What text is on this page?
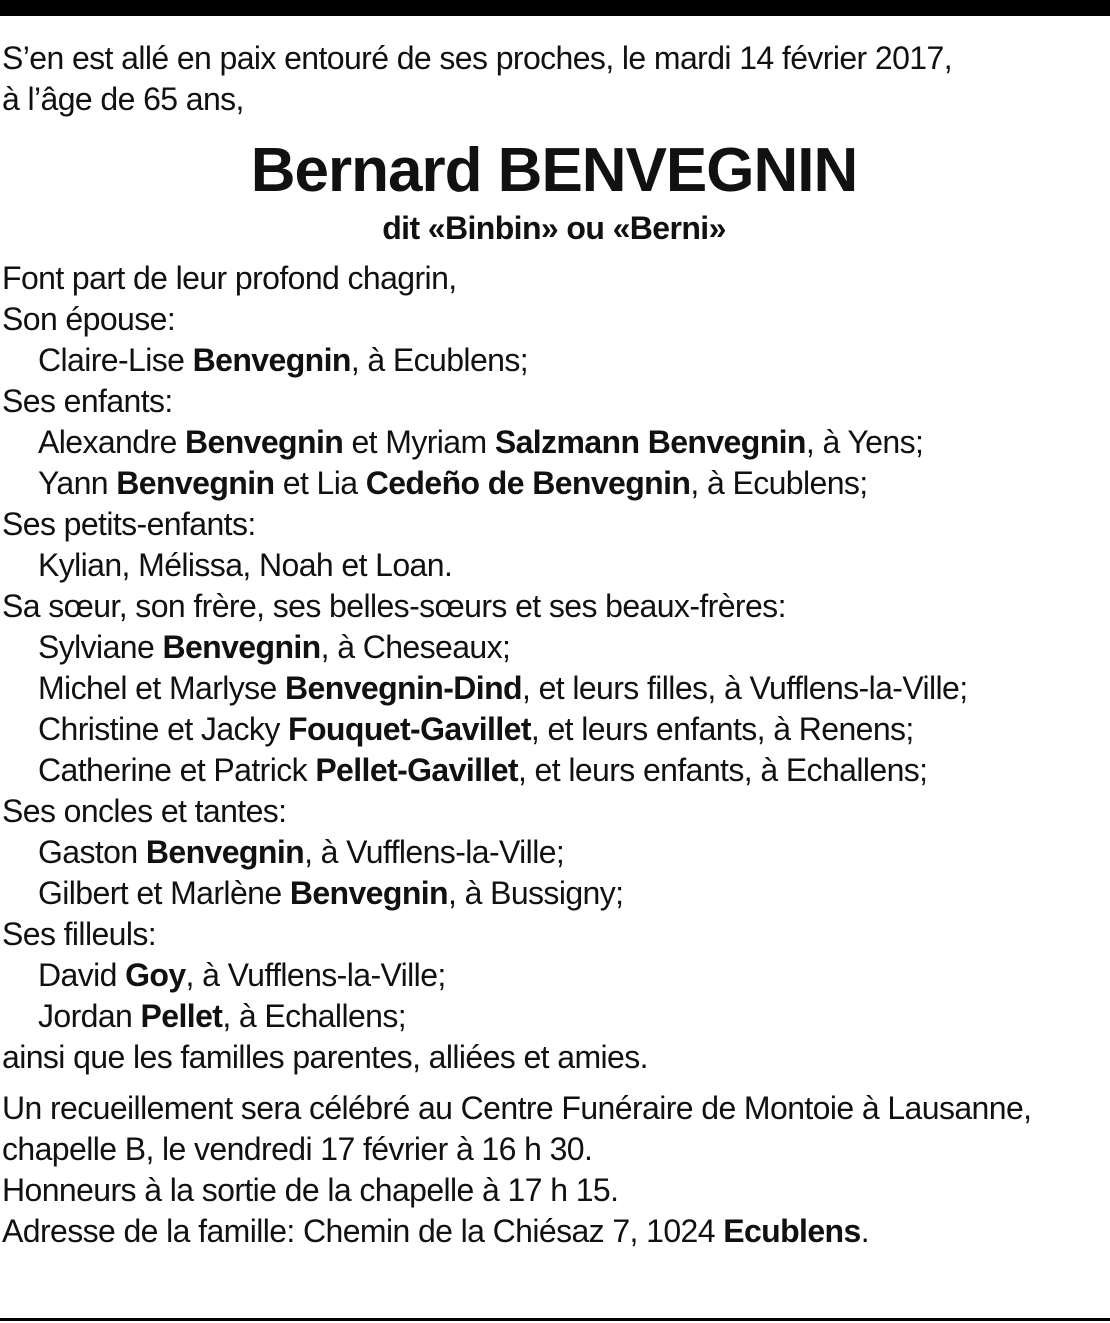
S’en est allé en paix entouré de ses proches, le mardi 14 février 2017,
à l’âge de 65 ans,
Bernard BENVEGNIN
dit «Binbin» ou «Berni»
Font part de leur profond chagrin,
Son épouse:
Claire-Lise Benvegnin, à Ecublens;
Ses enfants:
Alexandre Benvegnin et Myriam Salzmann Benvegnin, à Yens;
Yann Benvegnin et Lia Cedeño de Benvegnin, à Ecublens;
Ses petits-enfants:
Kylian, Mélissa, Noah et Loan.
Sa sœur, son frère, ses belles-sœurs et ses beaux-frères:
Sylviane Benvegnin, à Cheseaux;
Michel et Marlyse Benvegnin-Dind, et leurs filles, à Vufflens-la-Ville;
Christine et Jacky Fouquet-Gavillet, et leurs enfants, à Renens;
Catherine et Patrick Pellet-Gavillet, et leurs enfants, à Echallens;
Ses oncles et tantes:
Gaston Benvegnin, à Vufflens-la-Ville;
Gilbert et Marlène Benvegnin, à Bussigny;
Ses filleuls:
David Goy, à Vufflens-la-Ville;
Jordan Pellet, à Echallens;
ainsi que les familles parentes, alliées et amies.
Un recueillement sera célébré au Centre Funéraire de Montoie à Lausanne,
chapelle B, le vendredi 17 février à 16 h 30.
Honneurs à la sortie de la chapelle à 17 h 15.
Adresse de la famille: Chemin de la Chiésaz 7, 1024 Ecublens.
